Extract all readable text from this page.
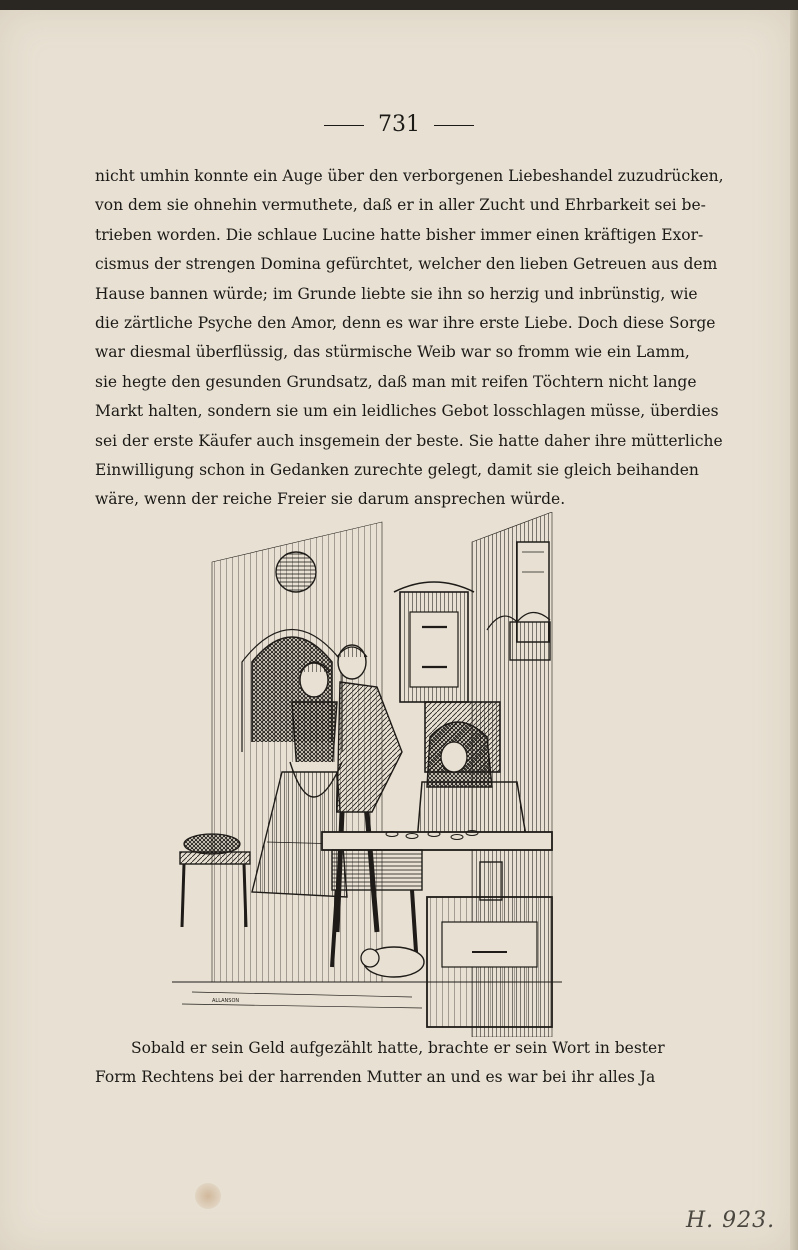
731
nicht umhin konnte ein Auge über den verborgenen Liebeshandel zuzudrücken,
von dem sie ohnehin vermuthete, daß er in aller Zucht und Ehrbarkeit sei be-
trieben worden. Die schlaue Lucine hatte bisher immer einen kräftigen Exor-
cismus der strengen Domina gefürchtet, welcher den lieben Getreuen aus dem
Hause bannen würde; im Grunde liebte sie ihn so herzig und inbrünstig, wie
die zärtliche Psyche den Amor, denn es war ihre erste Liebe. Doch diese Sorge
war diesmal überflüssig, das stürmische Weib war so fromm wie ein Lamm,
sie hegte den gesunden Grundsatz, daß man mit reifen Töchtern nicht lange
Markt halten, sondern sie um ein leidliches Gebot losschlagen müsse, überdies
sei der erste Käufer auch insgemein der beste. Sie hatte daher ihre mütterliche
Einwilligung schon in Gedanken zurechte gelegt, damit sie gleich beihanden
wäre, wenn der reiche Freier sie darum ansprechen würde.
ALLANSON
Sobald er sein Geld aufgezählt hatte, brachte er sein Wort in bester
Form Rechtens bei der harrenden Mutter an und es war bei ihr alles Ja
H. 923.
